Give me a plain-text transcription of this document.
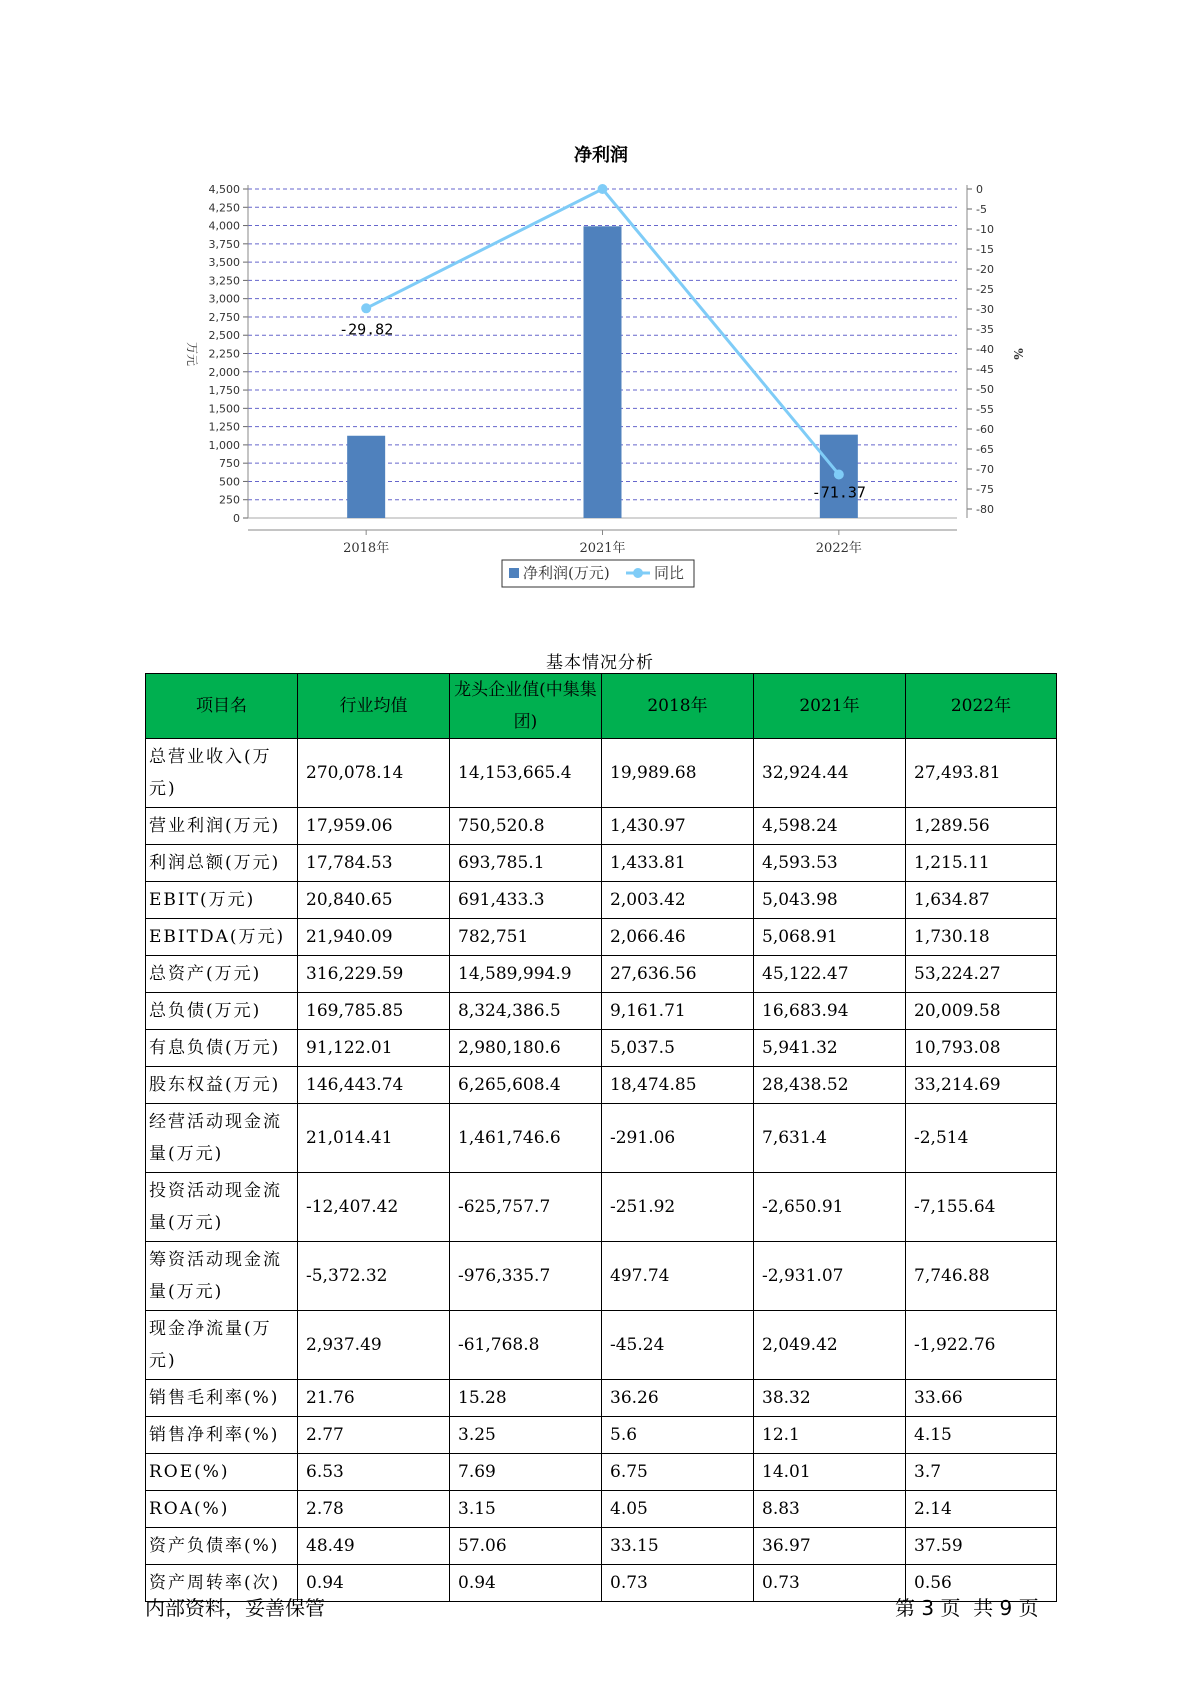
净利润
0
250
500
750
1,000
1,250
1,500
1,750
2,000
2,250
2,500
2,750
3,000
3,250
3,500
3,750
4,000
4,250
4,500	0
-5
-10
-15
-20
-25
-30
-35
-40
-45
-50
-55
-60
-65
-70
-75
-80
万元	%
2018年	2021年	2022年
-29.82
-71.37
净利润(万元)	同比
基本情况分析
项目名	行业均值	龙头企业值(中集集团)	2018年	2021年	2022年
总营业收入(万元)	270,078.14	14,153,665.4	19,989.68	32,924.44	27,493.81
营业利润(万元)	17,959.06	750,520.8	1,430.97	4,598.24	1,289.56
利润总额(万元)	17,784.53	693,785.1	1,433.81	4,593.53	1,215.11
EBIT(万元)	20,840.65	691,433.3	2,003.42	5,043.98	1,634.87
EBITDA(万元)	21,940.09	782,751	2,066.46	5,068.91	1,730.18
总资产(万元)	316,229.59	14,589,994.9	27,636.56	45,122.47	53,224.27
总负债(万元)	169,785.85	8,324,386.5	9,161.71	16,683.94	20,009.58
有息负债(万元)	91,122.01	2,980,180.6	5,037.5	5,941.32	10,793.08
股东权益(万元)	146,443.74	6,265,608.4	18,474.85	28,438.52	33,214.69
经营活动现金流量(万元)	21,014.41	1,461,746.6	-291.06	7,631.4	-2,514
投资活动现金流量(万元)	-12,407.42	-625,757.7	-251.92	-2,650.91	-7,155.64
筹资活动现金流量(万元)	-5,372.32	-976,335.7	497.74	-2,931.07	7,746.88
现金净流量(万元)	2,937.49	-61,768.8	-45.24	2,049.42	-1,922.76
销售毛利率(%)	21.76	15.28	36.26	38.32	33.66
销售净利率(%)	2.77	3.25	5.6	12.1	4.15
ROE(%)	6.53	7.69	6.75	14.01	3.7
ROA(%)	2.78	3.15	4.05	8.83	2.14
资产负债率(%)	48.49	57.06	33.15	36.97	37.59
资产周转率(次)	0.94	0.94	0.73	0.73	0.56
内部资料，妥善保管	第 3 页  共 9 页
